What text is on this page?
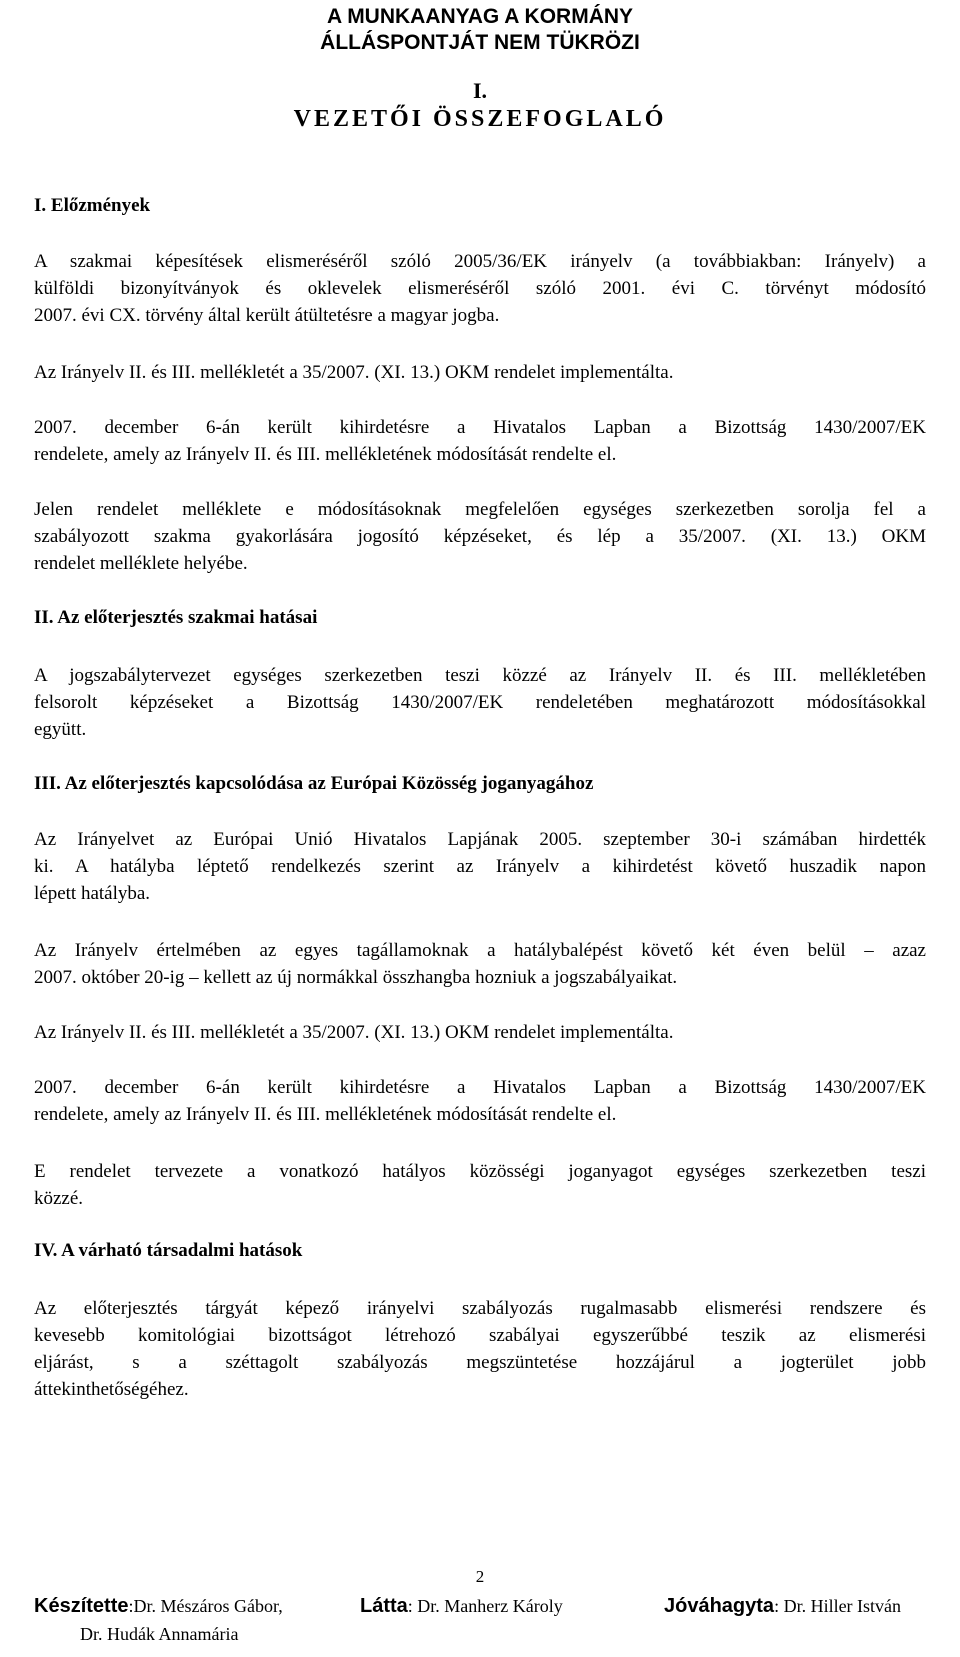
A MUNKAANYAG A KORMÁNY
ÁLLÁSPONTJÁT NEM TÜKRÖZI
I.
VEZETŐI ÖSSZEFOGLALÓ
I. Előzmények
A szakmai képesítések elismeréséről szóló 2005/36/EK irányelv (a továbbiakban: Irányelv) a
külföldi bizonyítványok és oklevelek elismeréséről szóló 2001. évi C. törvényt módosító
2007. évi CX. törvény által került átültetésre a magyar jogba.
Az Irányelv II. és III. mellékletét a 35/2007. (XI. 13.) OKM rendelet implementálta.
2007. december 6-án került kihirdetésre a Hivatalos Lapban a Bizottság 1430/2007/EK
rendelete, amely az Irányelv II. és III. mellékletének módosítását rendelte el.
Jelen rendelet melléklete e módosításoknak megfelelően egységes szerkezetben sorolja fel a
szabályozott szakma gyakorlására jogosító képzéseket, és lép a 35/2007. (XI. 13.) OKM
rendelet melléklete helyébe.
II. Az előterjesztés szakmai hatásai
A jogszabálytervezet egységes szerkezetben teszi közzé az Irányelv II. és III. mellékletében
felsorolt képzéseket a Bizottság 1430/2007/EK rendeletében meghatározott módosításokkal
együtt.
III. Az előterjesztés kapcsolódása az Európai Közösség joganyagához
Az Irányelvet az Európai Unió Hivatalos Lapjának 2005. szeptember 30-i számában hirdették
ki. A hatályba léptető rendelkezés szerint az Irányelv a kihirdetést követő huszadik napon
lépett hatályba.
Az Irányelv értelmében az egyes tagállamoknak a hatálybalépést követő két éven belül – azaz
2007. október 20-ig – kellett az új normákkal összhangba hozniuk a jogszabályaikat.
Az Irányelv II. és III. mellékletét a 35/2007. (XI. 13.) OKM rendelet implementálta.
2007. december 6-án került kihirdetésre a Hivatalos Lapban a Bizottság 1430/2007/EK
rendelete, amely az Irányelv II. és III. mellékletének módosítását rendelte el.
E rendelet tervezete a vonatkozó hatályos közösségi joganyagot egységes szerkezetben teszi
közzé.
IV. A várható társadalmi hatások
Az előterjesztés tárgyát képező irányelvi szabályozás rugalmasabb elismerési rendszere és
kevesebb komitológiai bizottságot létrehozó szabályai egyszerűbbé teszik az elismerési
eljárást, s a széttagolt szabályozás megszüntetése hozzájárul a jogterület jobb
áttekinthetőségéhez.
2
Készítette:Dr. Mészáros Gábor,
Dr. Hudák Annamária
Látta: Dr. Manherz Károly	Jóváhagyta: Dr. Hiller István
